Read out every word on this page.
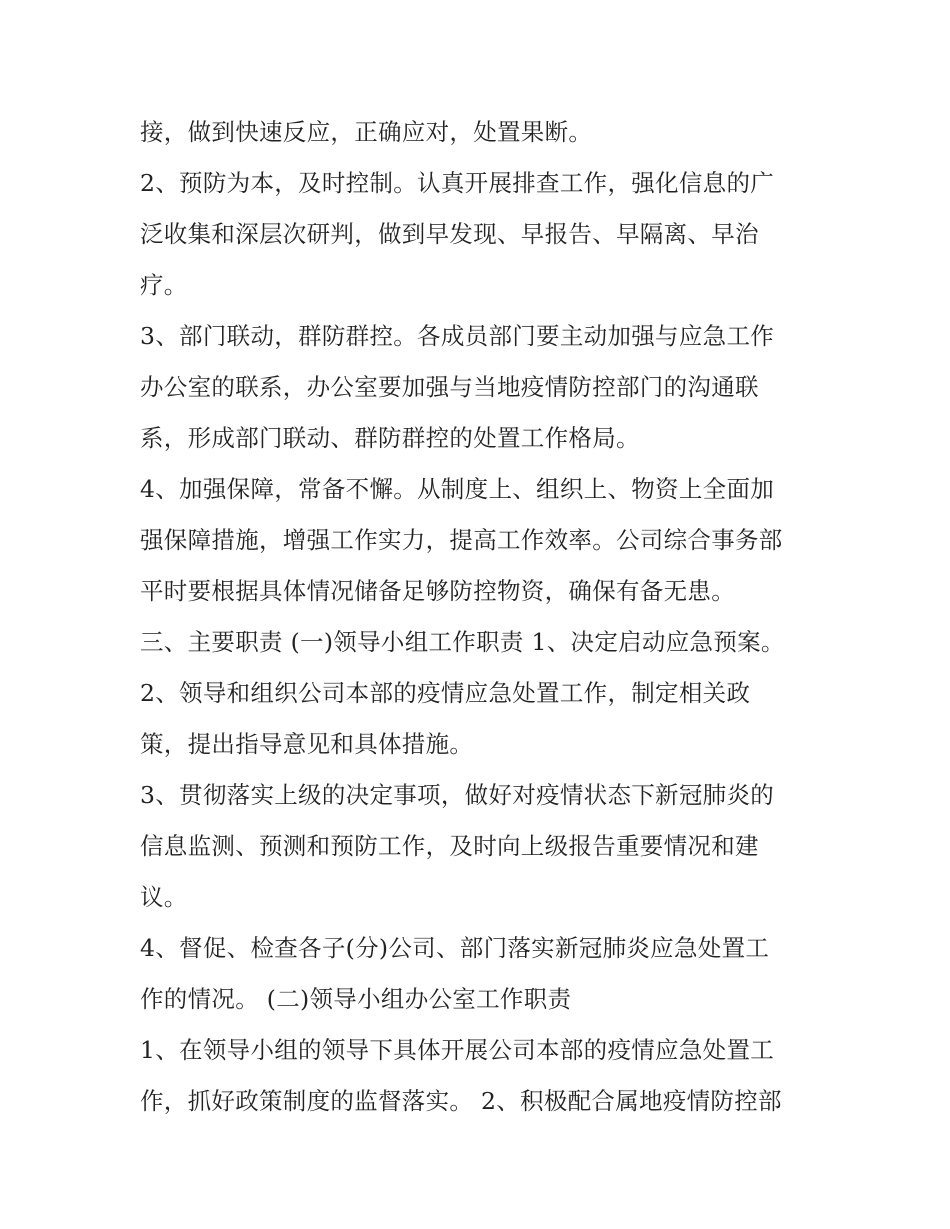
接，做到快速反应，正确应对，处置果断。
2、预防为本，及时控制。认真开展排查工作，强化信息的广
泛收集和深层次研判，做到早发现、早报告、早隔离、早治
疗。
3、部门联动，群防群控。各成员部门要主动加强与应急工作
办公室的联系，办公室要加强与当地疫情防控部门的沟通联
系，形成部门联动、群防群控的处置工作格局。
4、加强保障，常备不懈。从制度上、组织上、物资上全面加
强保障措施，增强工作实力，提高工作效率。公司综合事务部
平时要根据具体情况储备足够防控物资，确保有备无患。
三、主要职责 (一)领导小组工作职责 1、决定启动应急预案。
2、领导和组织公司本部的疫情应急处置工作，制定相关政
策，提出指导意见和具体措施。
3、贯彻落实上级的决定事项，做好对疫情状态下新冠肺炎的
信息监测、预测和预防工作，及时向上级报告重要情况和建
议。
4、督促、检查各子(分)公司、部门落实新冠肺炎应急处置工
作的情况。 (二)领导小组办公室工作职责
1、在领导小组的领导下具体开展公司本部的疫情应急处置工
作，抓好政策制度的监督落实。 2、积极配合属地疫情防控部
